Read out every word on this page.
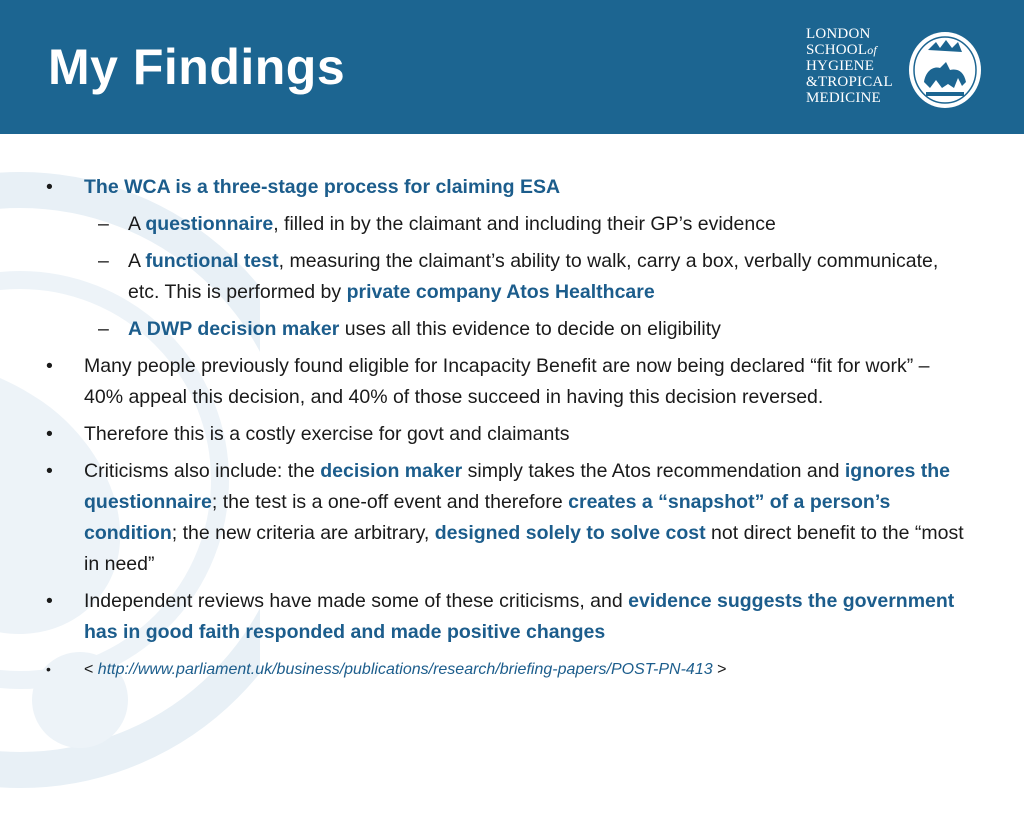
My Findings
LONDON
SCHOOLof
HYGIENE
&TROPICAL
MEDICINE
•	The WCA is a three-stage process for claiming ESA
– A questionnaire, filled in by the claimant and including their GP’s evidence
– A functional test, measuring the claimant’s ability to walk, carry a box, verbally communicate, etc. This is performed by private company Atos Healthcare
– A DWP decision maker uses all this evidence to decide on eligibility
•	Many people previously found eligible for Incapacity Benefit are now being declared “fit for work” – 40% appeal this decision, and 40% of those succeed in having this decision reversed.
•	Therefore this is a costly exercise for govt and claimants
•	Criticisms also include: the decision maker simply takes the Atos recommendation and ignores the questionnaire; the test is a one-off event and therefore creates a “snapshot” of a person’s condition; the new criteria are arbitrary, designed solely to solve cost not direct benefit to the “most in need”
•	Independent reviews have made some of these criticisms, and evidence suggests the government has in good faith responded and made positive changes
•	< http://www.parliament.uk/business/publications/research/briefing-papers/POST-PN-413 >
